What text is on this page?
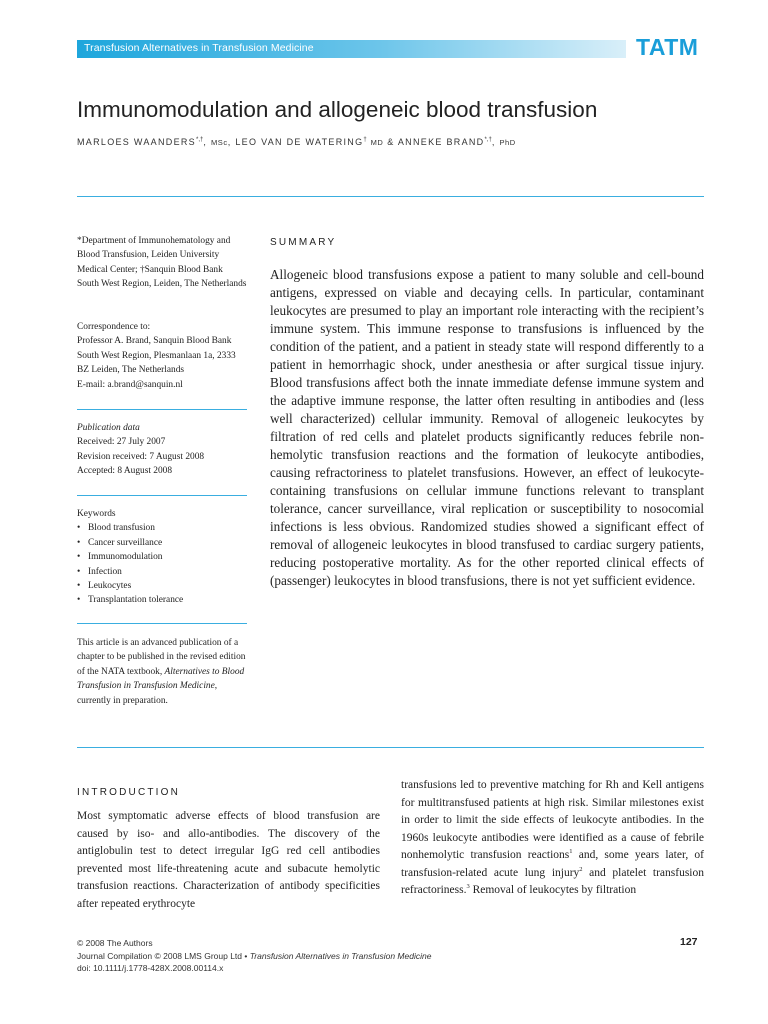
Transfusion Alternatives in Transfusion Medicine	TATM
Immunomodulation and allogeneic blood transfusion
MARLOES WAANDERS*,†, MSc, LEO VAN DE WATERING† MD & ANNEKE BRAND*,†, PhD

*Department of Immunohematology and Blood Transfusion, Leiden University Medical Center; †Sanquin Blood Bank South West Region, Leiden, The Netherlands

Correspondence to:

Professor A. Brand, Sanquin Blood Bank South West Region, Plesmanlaan 1a, 2333 BZ Leiden, The Netherlands

E-mail: a.brand@sanquin.nl

Publication data

Received: 27 July 2007

Revision received: 7 August 2008

Accepted: 8 August 2008

Keywords

• Blood transfusion
• Cancer surveillance
• Immunomodulation
• Infection
• Leukocytes
• Transplantation tolerance

This article is an advanced publication of a chapter to be published in the revised edition of the NATA textbook, Alternatives to Blood Transfusion in Transfusion Medicine, currently in preparation.

SUMMARY
Allogeneic blood transfusions expose a patient to many soluble and cell-bound antigens, expressed on viable and decaying cells. In particular, contaminant leukocytes are presumed to play an important role interacting with the recipient’s immune system. This immune response to transfusions is influenced by the condition of the patient, and a patient in steady state will respond differently to a patient in hemorrhagic shock, under anesthesia or after surgical tissue injury. Blood transfusions affect both the innate immediate defense immune system and the adaptive immune response, the latter often resulting in antibodies and (less well characterized) cellular immunity. Removal of allogeneic leukocytes by filtration of red cells and platelet products significantly reduces febrile non-hemolytic transfusion reactions and the formation of leukocyte antibodies, causing refractoriness to platelet transfusions. However, an effect of leukocyte-containing transfusions on cellular immune functions relevant to transplant tolerance, cancer surveillance, viral replication or susceptibility to nosocomial infections is less obvious. Randomized studies showed a significant effect of removal of allogeneic leukocytes in blood transfused to cardiac surgery patients, reducing postoperative mortality. As for the other reported clinical effects of (passenger) leukocytes in blood transfusions, there is not yet sufficient evidence.
INTRODUCTION
Most symptomatic adverse effects of blood transfusion are caused by iso- and allo-antibodies. The discovery of the antiglobulin test to detect irregular IgG red cell antibodies prevented most life-threatening acute and subacute hemolytic transfusion reactions. Characterization of antibody specificities after repeated erythrocyte
transfusions led to preventive matching for Rh and Kell antigens for multitransfused patients at high risk. Similar milestones exist in order to limit the side effects of leukocyte antibodies. In the 1960s leukocyte antibodies were identified as a cause of febrile nonhemolytic transfusion reactions$^1$ and, some years later, of transfusion-related acute lung injury$^2$ and platelet transfusion refractoriness.$^3$ Removal of leukocytes by filtration
© 2008 The Authors
Journal Compilation © 2008 LMS Group Ltd • Transfusion Alternatives in Transfusion Medicine
doi: 10.1111/j.1778-428X.2008.00114.x
127
